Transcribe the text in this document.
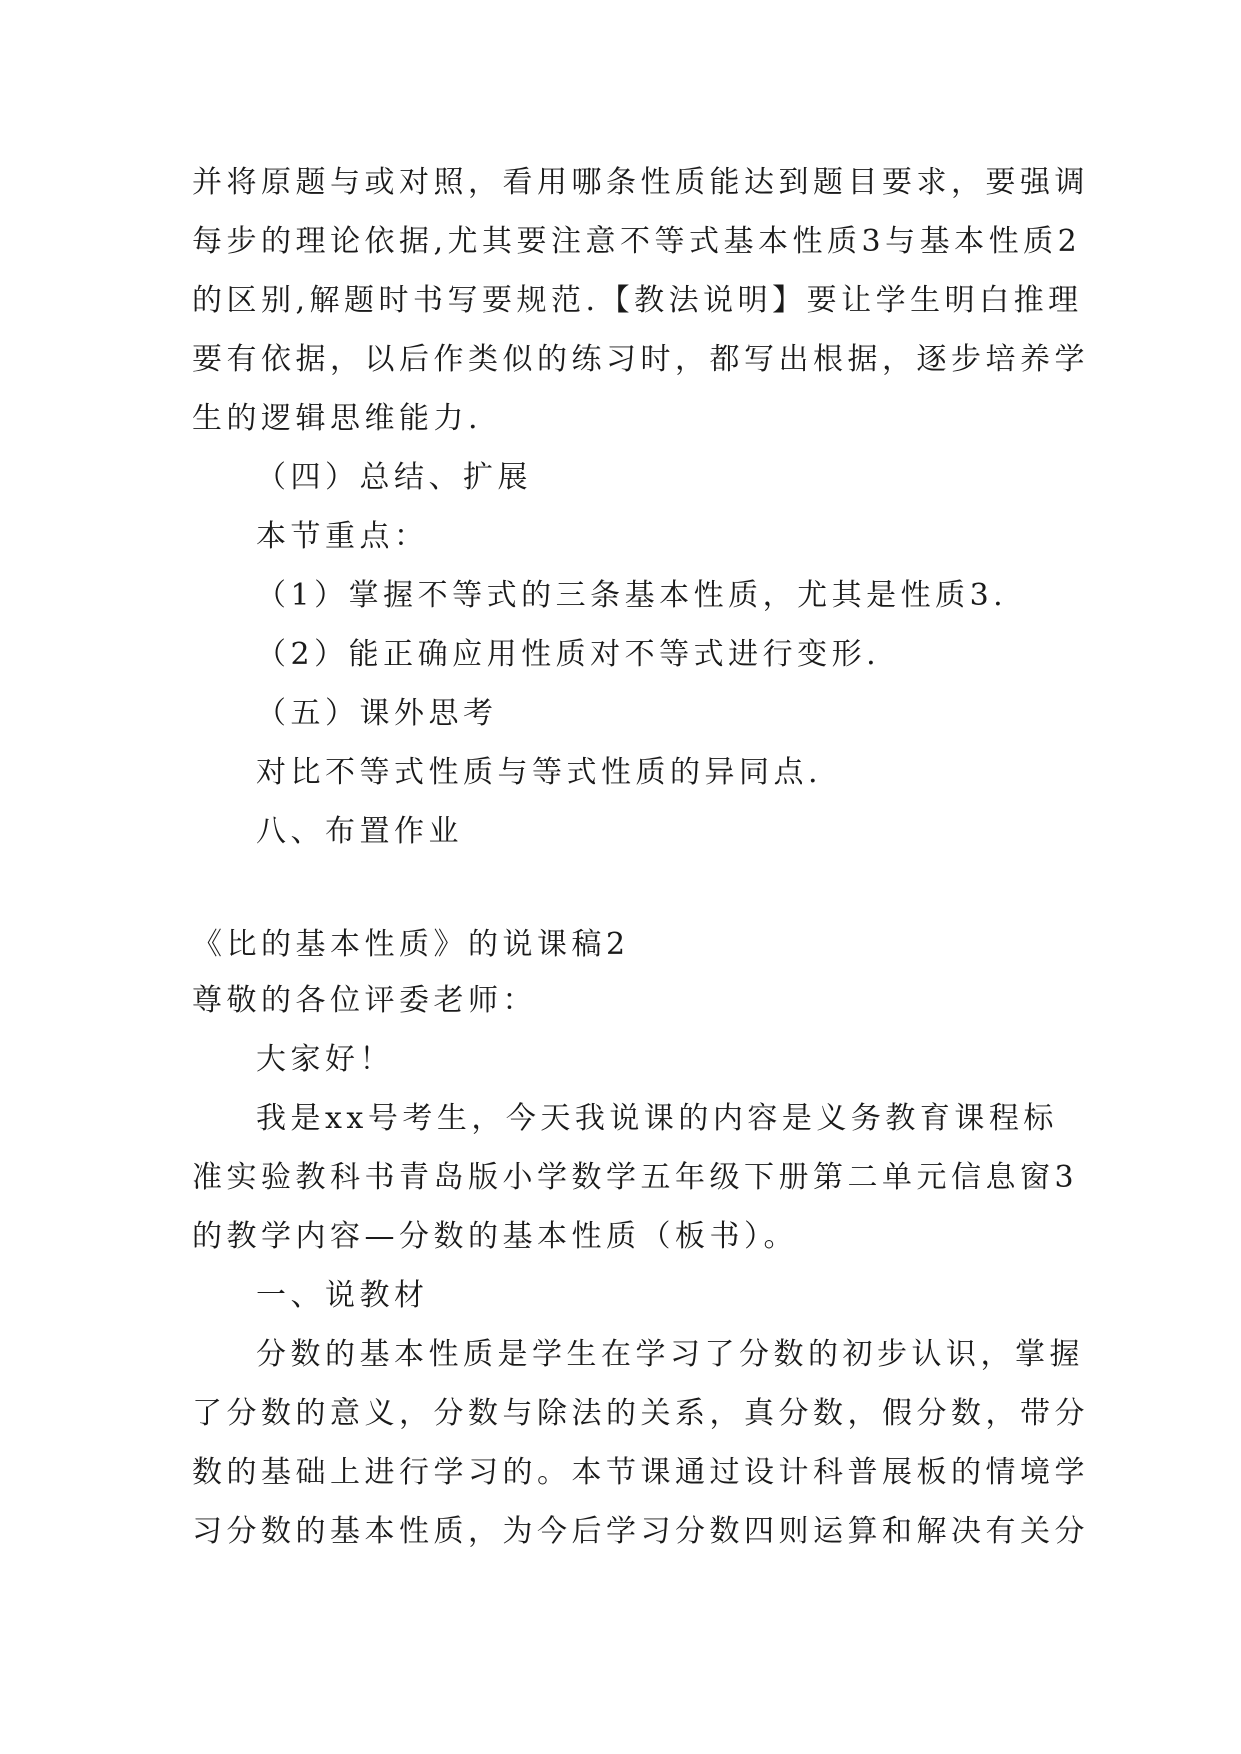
并将原题与或对照，看用哪条性质能达到题目要求，要强调
每步的理论依据,尤其要注意不等式基本性质3与基本性质2
的区别,解题时书写要规范.【教法说明】要让学生明白推理
要有依据，以后作类似的练习时，都写出根据，逐步培养学
生的逻辑思维能力.
（四）总结、扩展
本节重点：
（1）掌握不等式的三条基本性质，尤其是性质3.
（2）能正确应用性质对不等式进行变形.
（五）课外思考
对比不等式性质与等式性质的异同点.
八、布置作业
《比的基本性质》的说课稿2
尊敬的各位评委老师：
大家好！
我是xx号考生，今天我说课的内容是义务教育课程标
准实验教科书青岛版小学数学五年级下册第二单元信息窗3
的教学内容—分数的基本性质（板书）。
一、说教材
分数的基本性质是学生在学习了分数的初步认识，掌握
了分数的意义，分数与除法的关系，真分数，假分数，带分
数的基础上进行学习的。本节课通过设计科普展板的情境学
习分数的基本性质，为今后学习分数四则运算和解决有关分
